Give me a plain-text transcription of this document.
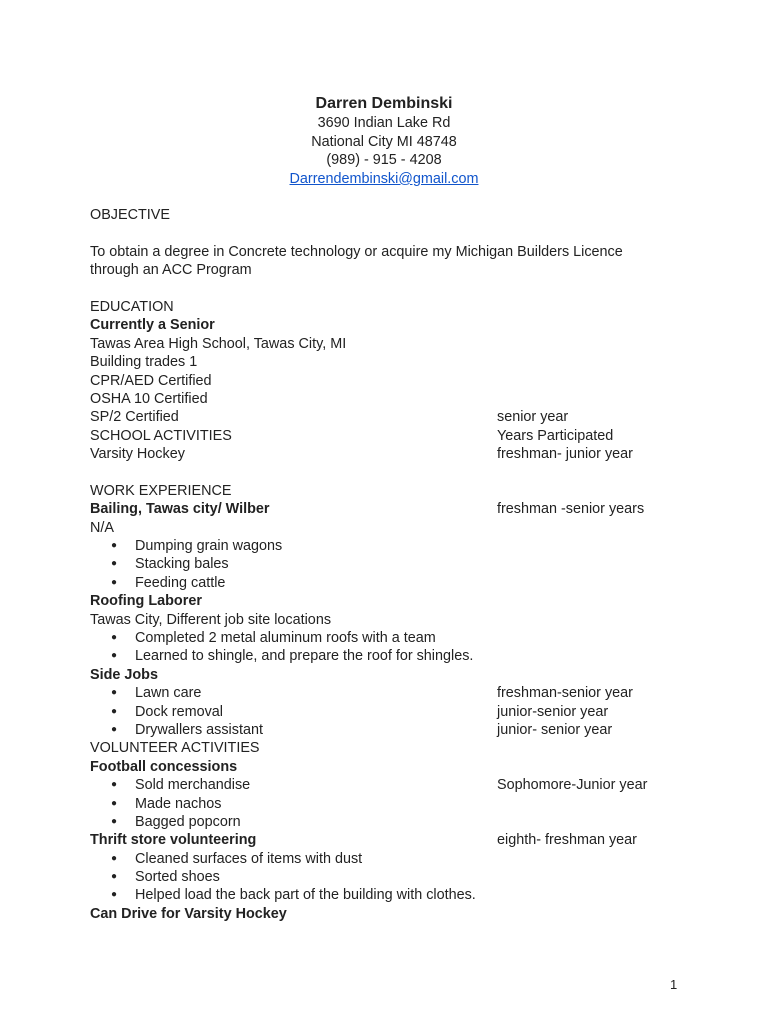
Darren Dembinski
3690 Indian Lake Rd
National City MI 48748
(989) - 915 - 4208
Darrendembinski@gmail.com
OBJECTIVE
To obtain a degree in Concrete technology or acquire my Michigan Builders Licence
through an ACC Program
EDUCATION
Currently a Senior
Tawas Area High School, Tawas City, MI
Building trades 1
CPR/AED Certified
OSHA 10 Certified
SP/2 Certified	senior year
SCHOOL ACTIVITIES	Years Participated
Varsity Hockey	freshman- junior year
WORK EXPERIENCE
Bailing, Tawas city/ Wilber	freshman -senior years
N/A
● Dumping grain wagons
● Stacking bales
● Feeding cattle
Roofing Laborer
Tawas City, Different job site locations
● Completed 2 metal aluminum roofs with a team
● Learned to shingle, and prepare the roof for shingles.
Side Jobs
● Lawn care	freshman-senior year
● Dock removal	junior-senior year
● Drywallers assistant	junior- senior year
VOLUNTEER ACTIVITIES
Football concessions
● Sold merchandise	Sophomore-Junior year
● Made nachos
● Bagged popcorn
Thrift store volunteering	eighth- freshman year
● Cleaned surfaces of items with dust
● Sorted shoes
● Helped load the back part of the building with clothes.
Can Drive for Varsity Hockey
1
